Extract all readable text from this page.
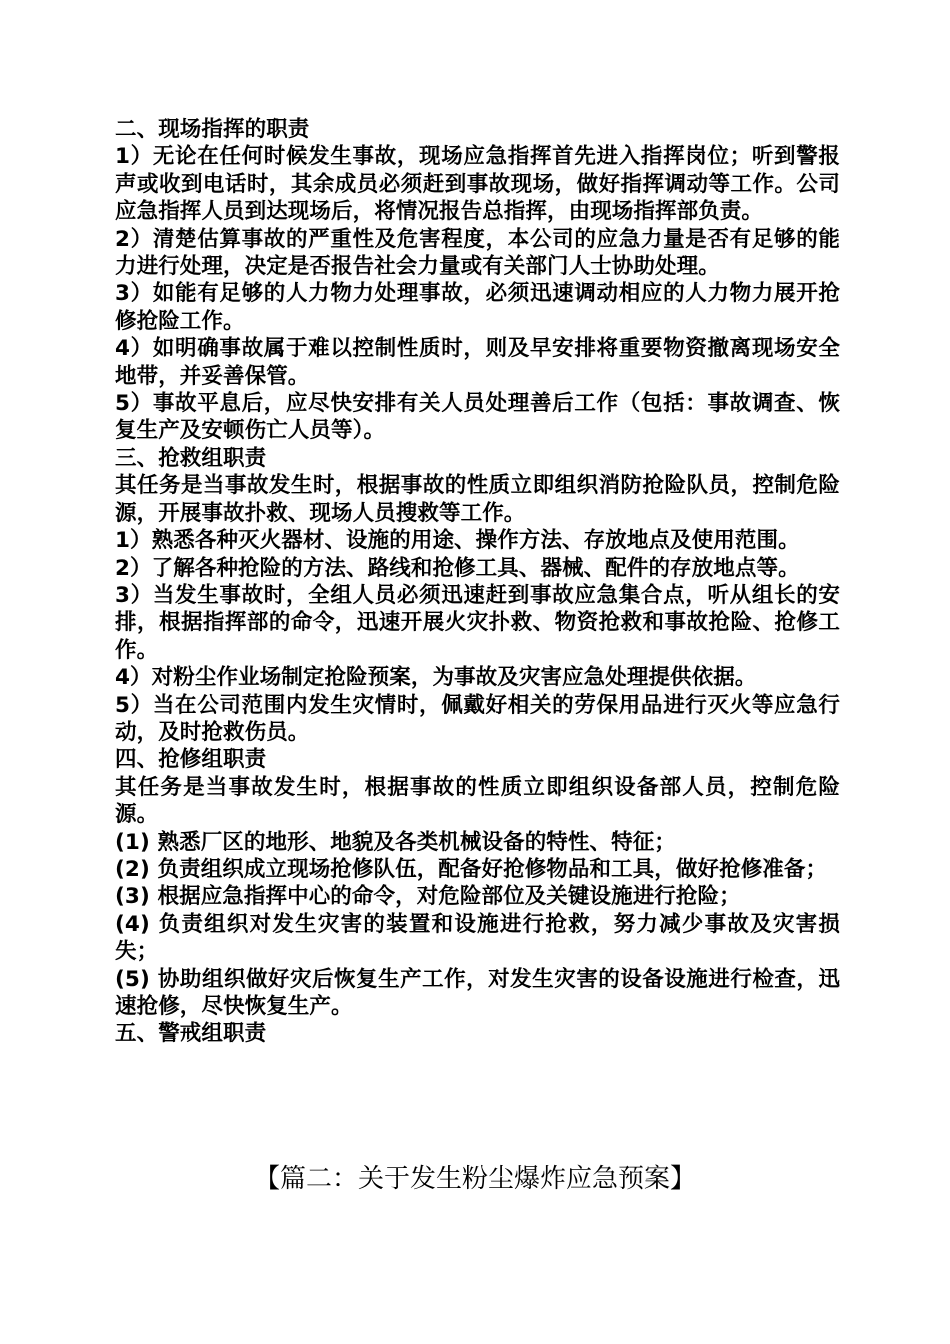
二、现场指挥的职责

1）无论在任何时候发生事故，现场应急指挥首先进入指挥岗位；听到警报声或收到电话时，其余成员必须赶到事故现场，做好指挥调动等工作。公司应急指挥人员到达现场后，将情况报告总指挥，由现场指挥部负责。

2）清楚估算事故的严重性及危害程度，本公司的应急力量是否有足够的能力进行处理，决定是否报告社会力量或有关部门人士协助处理。

3）如能有足够的人力物力处理事故，必须迅速调动相应的人力物力展开抢修抢险工作。

4）如明确事故属于难以控制性质时，则及早安排将重要物资撤离现场安全地带，并妥善保管。

5）事故平息后，应尽快安排有关人员处理善后工作（包括：事故调查、恢复生产及安顿伤亡人员等）。

三、抢救组职责

其任务是当事故发生时，根据事故的性质立即组织消防抢险队员，控制危险源，开展事故扑救、现场人员搜救等工作。

1）熟悉各种灭火器材、设施的用途、操作方法、存放地点及使用范围。

2）了解各种抢险的方法、路线和抢修工具、器械、配件的存放地点等。

3）当发生事故时，全组人员必须迅速赶到事故应急集合点，听从组长的安排，根据指挥部的命令，迅速开展火灾扑救、物资抢救和事故抢险、抢修工作。

4）对粉尘作业场制定抢险预案，为事故及灾害应急处理提供依据。

5）当在公司范围内发生灾情时，佩戴好相关的劳保用品进行灭火等应急行动，及时抢救伤员。

四、抢修组职责

其任务是当事故发生时，根据事故的性质立即组织设备部人员，控制危险源。

(1) 熟悉厂区的地形、地貌及各类机械设备的特性、特征；

(2) 负责组织成立现场抢修队伍，配备好抢修物品和工具，做好抢修准备；

(3) 根据应急指挥中心的命令，对危险部位及关键设施进行抢险；

(4) 负责组织对发生灾害的装置和设施进行抢救，努力减少事故及灾害损失；

(5) 协助组织做好灾后恢复生产工作，对发生灾害的设备设施进行检查，迅速抢修，尽快恢复生产。

五、警戒组职责

【篇二：关于发生粉尘爆炸应急预案】
